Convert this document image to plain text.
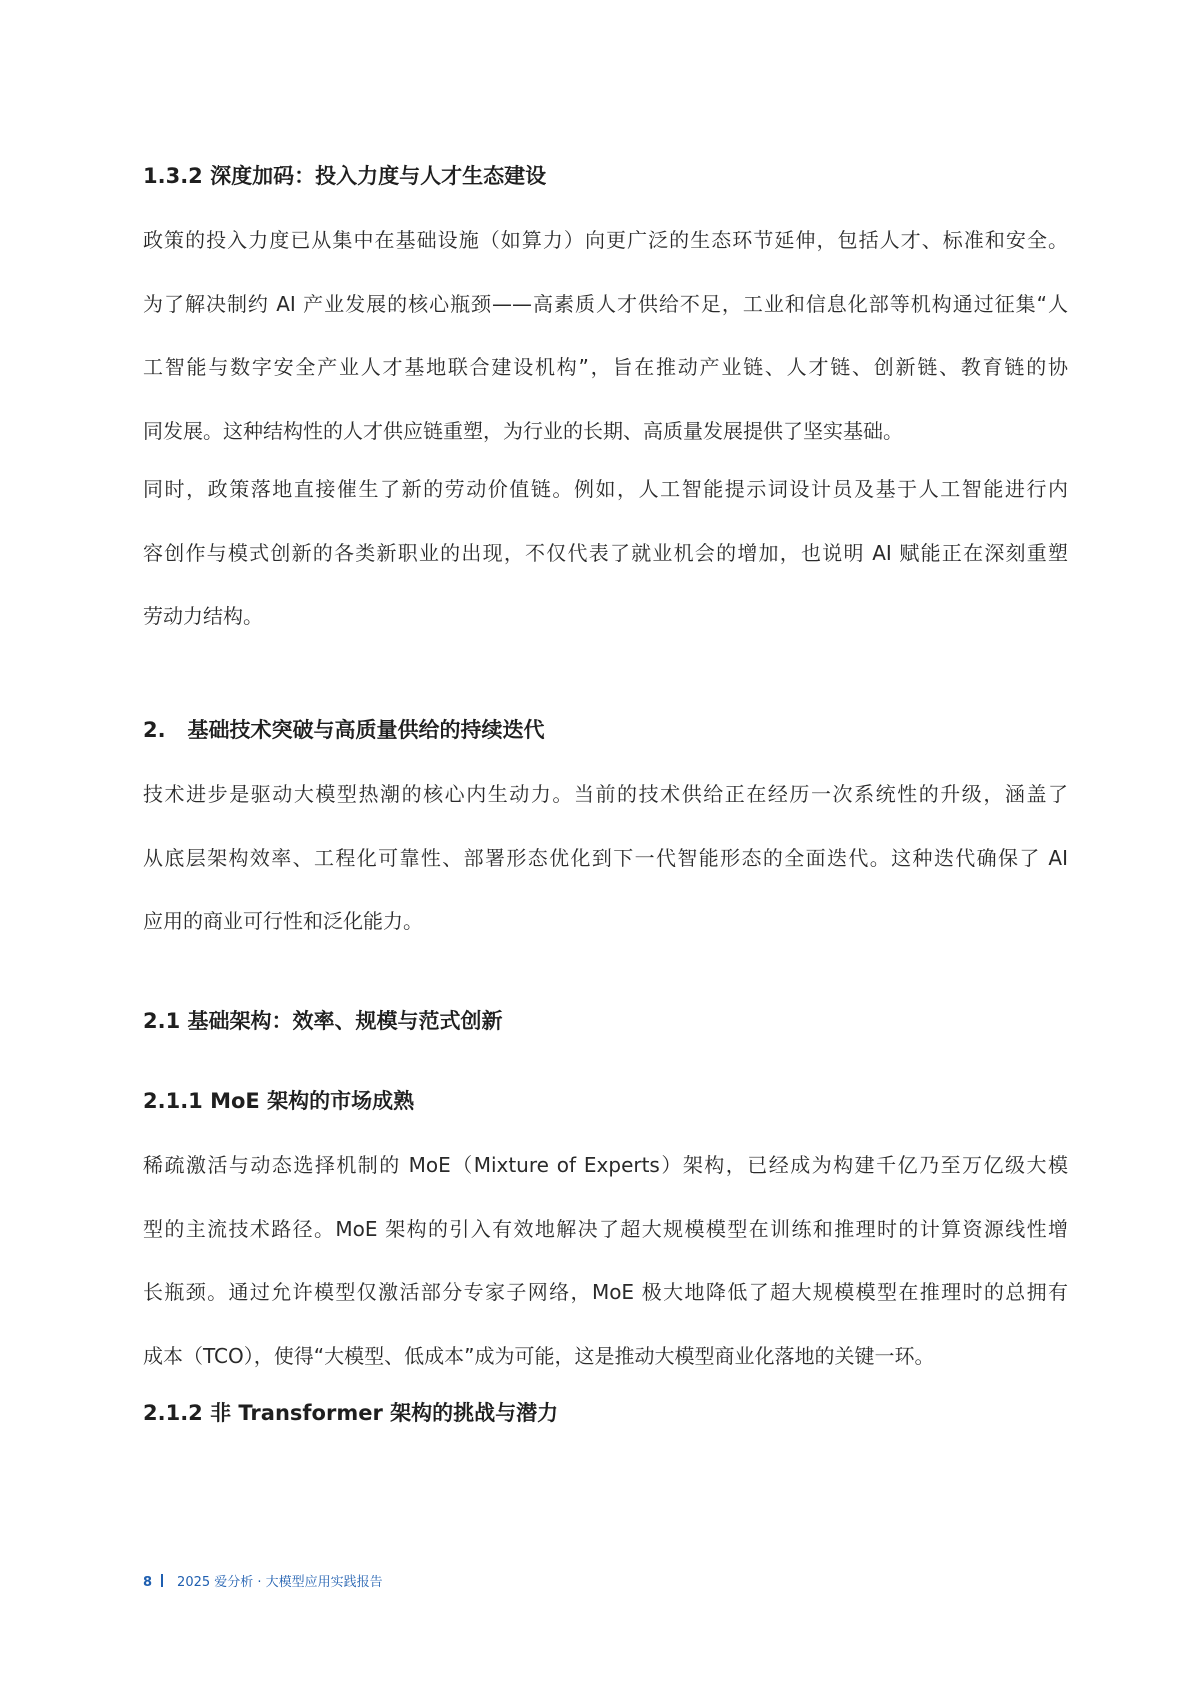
1.3.2 深度加码：投入力度与人才生态建设
政策的投入力度已从集中在基础设施（如算力）向更广泛的生态环节延伸，包括人才、标准和安全。
为了解决制约 AI 产业发展的核心瓶颈——高素质人才供给不足，工业和信息化部等机构通过征集“人
工智能与数字安全产业人才基地联合建设机构”，旨在推动产业链、人才链、创新链、教育链的协
同发展。这种结构性的人才供应链重塑，为行业的长期、高质量发展提供了坚实基础。
同时，政策落地直接催生了新的劳动价值链。例如，人工智能提示词设计员及基于人工智能进行内
容创作与模式创新的各类新职业的出现，不仅代表了就业机会的增加，也说明 AI 赋能正在深刻重塑
劳动力结构。
2.   基础技术突破与高质量供给的持续迭代
技术进步是驱动大模型热潮的核心内生动力。当前的技术供给正在经历一次系统性的升级，涵盖了
从底层架构效率、工程化可靠性、部署形态优化到下一代智能形态的全面迭代。这种迭代确保了 AI
应用的商业可行性和泛化能力。
2.1 基础架构：效率、规模与范式创新
2.1.1 MoE 架构的市场成熟
稀疏激活与动态选择机制的 MoE（Mixture of Experts）架构，已经成为构建千亿乃至万亿级大模
型的主流技术路径。MoE 架构的引入有效地解决了超大规模模型在训练和推理时的计算资源线性增
长瓶颈。通过允许模型仅激活部分专家子网络，MoE 极大地降低了超大规模模型在推理时的总拥有
成本（TCO），使得“大模型、低成本”成为可能，这是推动大模型商业化落地的关键一环。
2.1.2 非 Transformer 架构的挑战与潜力
8 2025 爱分析 · 大模型应用实践报告
